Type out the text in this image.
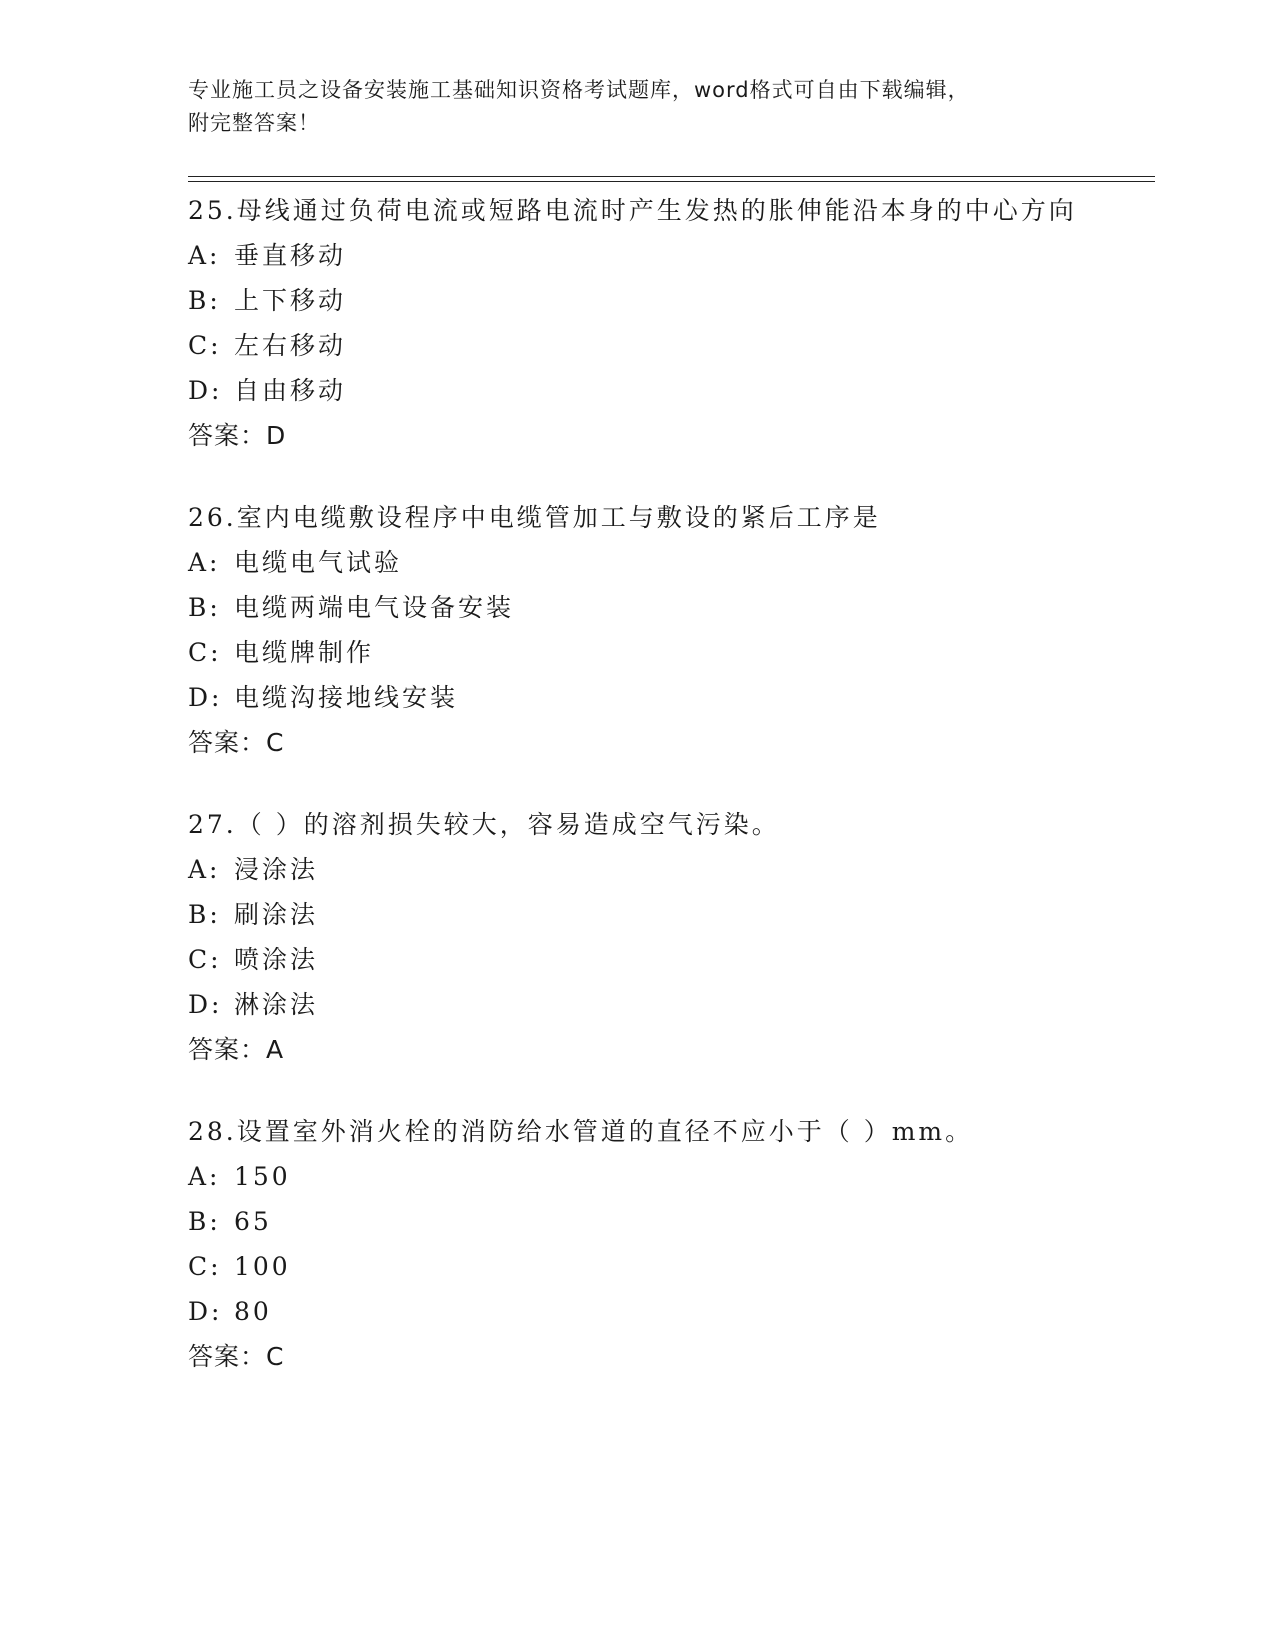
专业施工员之设备安装施工基础知识资格考试题库，word格式可自由下载编辑，
附完整答案！

25.母线通过负荷电流或短路电流时产生发热的胀伸能沿本身的中心方向

A: 垂直移动

B: 上下移动

C: 左右移动

D: 自由移动

答案：D

26.室内电缆敷设程序中电缆管加工与敷设的紧后工序是

A: 电缆电气试验

B: 电缆两端电气设备安装

C: 电缆牌制作

D: 电缆沟接地线安装

答案：C

27.（ ）的溶剂损失较大，容易造成空气污染。

A: 浸涂法

B: 刷涂法

C: 喷涂法

D: 淋涂法

答案：A

28.设置室外消火栓的消防给水管道的直径不应小于（ ）mm。

A: 150

B: 65

C: 100

D: 80

答案：C
